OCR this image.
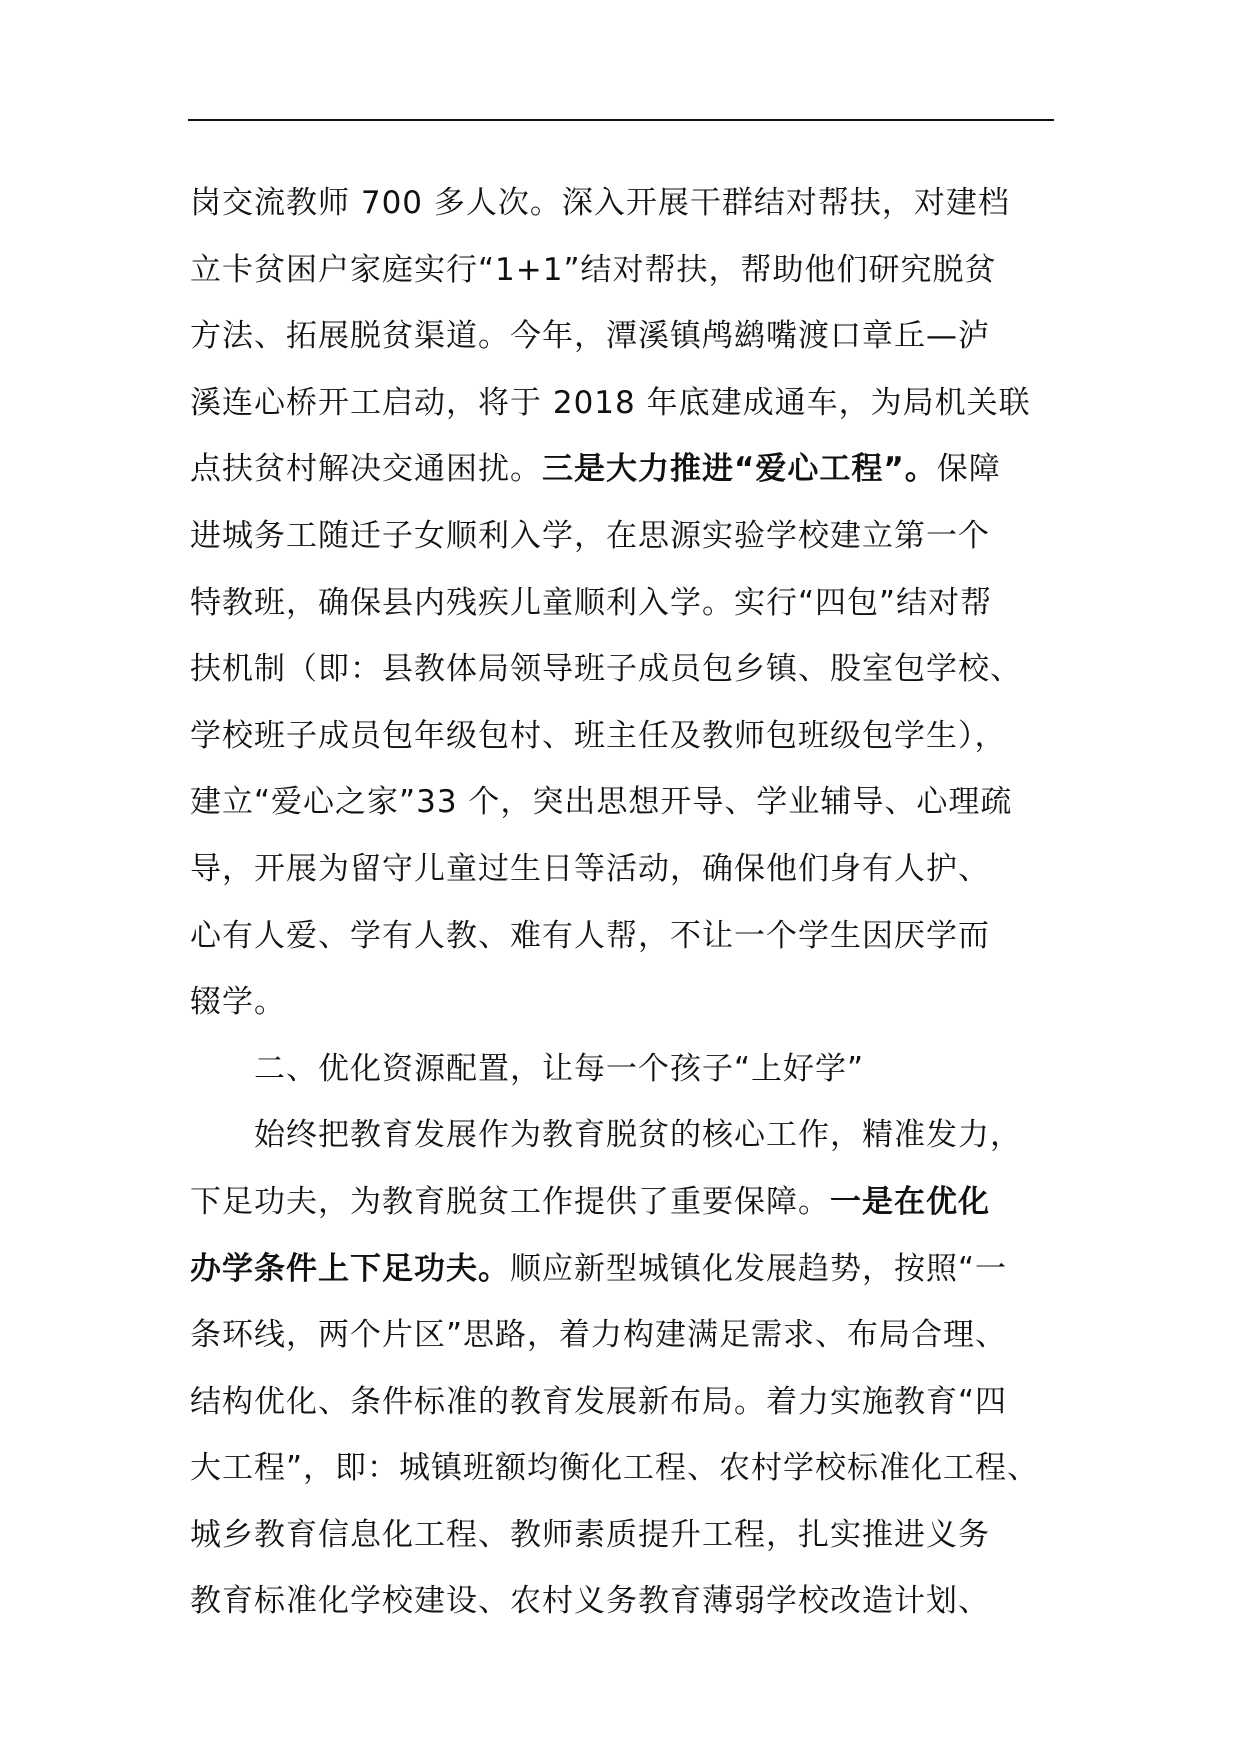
岗交流教师 700 多人次。深入开展干群结对帮扶，对建档
立卡贫困户家庭实行“1+1”结对帮扶，帮助他们研究脱贫
方法、拓展脱贫渠道。今年，潭溪镇鸬鹚嘴渡口章丘—泸
溪连心桥开工启动，将于 2018 年底建成通车，为局机关联
点扶贫村解决交通困扰。三是大力推进“爱心工程”。保障
进城务工随迁子女顺利入学，在思源实验学校建立第一个
特教班，确保县内残疾儿童顺利入学。实行“四包”结对帮
扶机制（即：县教体局领导班子成员包乡镇、股室包学校、
学校班子成员包年级包村、班主任及教师包班级包学生），
建立“爱心之家”33 个，突出思想开导、学业辅导、心理疏
导，开展为留守儿童过生日等活动，确保他们身有人护、
心有人爱、学有人教、难有人帮，不让一个学生因厌学而
辍学。
二、优化资源配置，让每一个孩子“上好学”
始终把教育发展作为教育脱贫的核心工作，精准发力，
下足功夫，为教育脱贫工作提供了重要保障。一是在优化
办学条件上下足功夫。顺应新型城镇化发展趋势，按照“一
条环线，两个片区”思路，着力构建满足需求、布局合理、
结构优化、条件标准的教育发展新布局。着力实施教育“四
大工程”，即：城镇班额均衡化工程、农村学校标准化工程、
城乡教育信息化工程、教师素质提升工程，扎实推进义务
教育标准化学校建设、农村义务教育薄弱学校改造计划、
